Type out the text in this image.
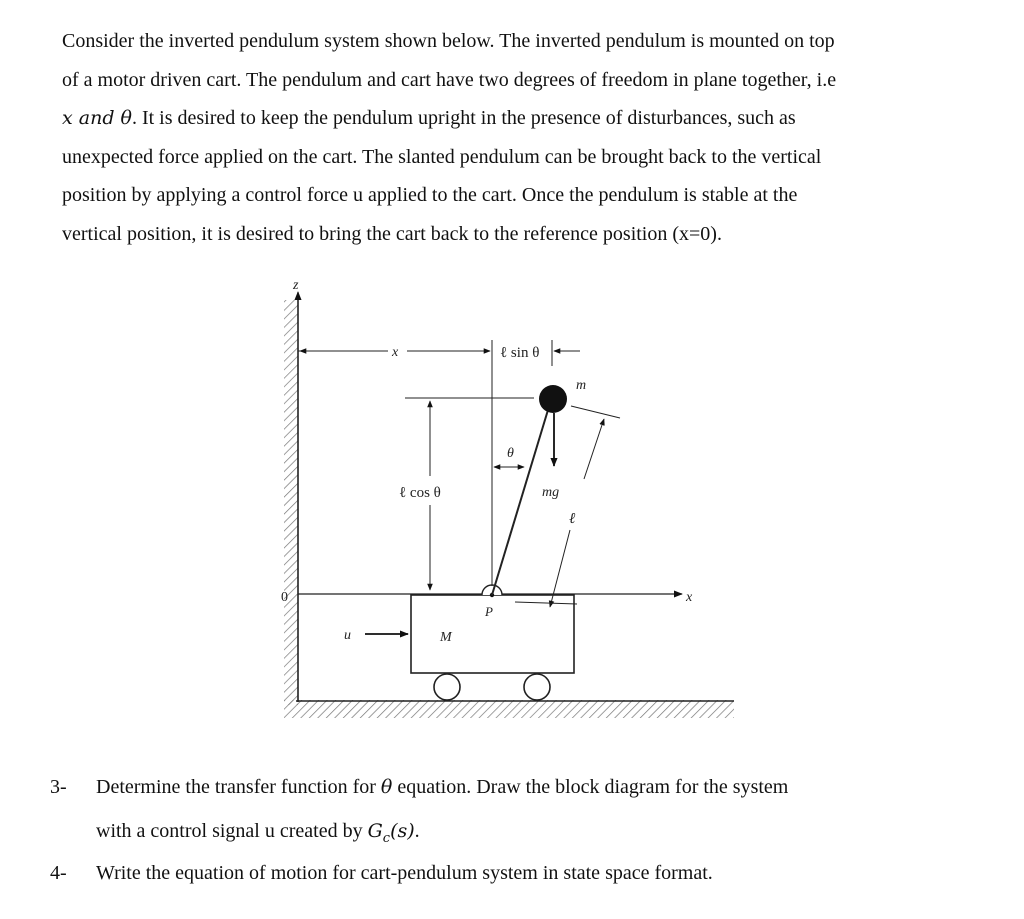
Consider the inverted pendulum system shown below. The inverted pendulum is mounted on top

of a motor driven cart. The pendulum and cart have two degrees of freedom in plane together, i.e

x and θ. It is desired to keep the pendulum upright in the presence of disturbances, such as

unexpected force applied on the cart. The slanted pendulum can be brought back to the vertical

position by applying a control force u applied to the cart. Once the pendulum is stable at the

vertical position, it is desired to bring the cart back to the reference position (x=0).

z
0
x	ℓ sin θ
m
θ
ℓ cos θ	mg
ℓ
x
P
u	M
3- Determine the transfer function for θ equation. Draw the block diagram for the system
with a control signal u created by $G_c(s)$.
4- Write the equation of motion for cart-pendulum system in state space format.
